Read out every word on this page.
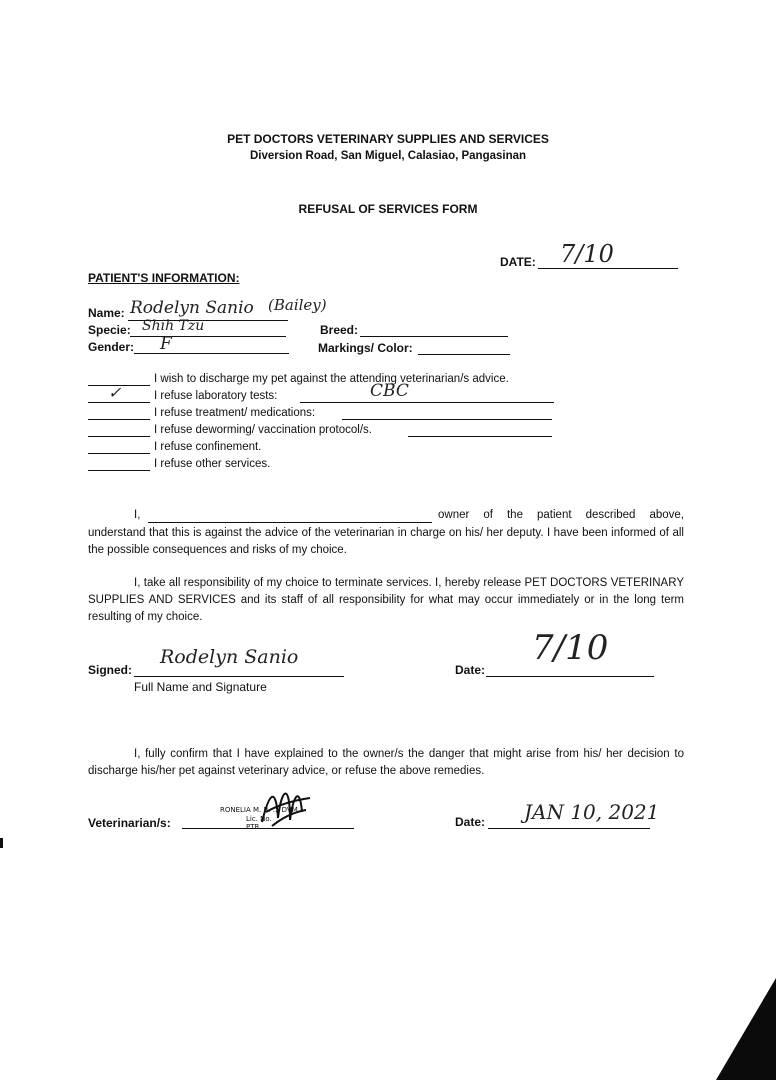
PET DOCTORS VETERINARY SUPPLIES AND SERVICES
Diversion Road, San Miguel, Calasiao, Pangasinan
REFUSAL OF SERVICES FORM
DATE: 7/10
PATIENT'S INFORMATION:
Name: Rodelyn Sanio (Bailey)
Specie: Shih Tzu
Gender: F
Breed:
Markings/ Color:
I wish to discharge my pet against the attending veterinarian/s advice.
✓	I refuse laboratory tests:	CBC
I refuse treatment/ medications:
I refuse deworming/ vaccination protocol/s.
I refuse confinement.
I refuse other services.
I,	owner of the patient described above,
understand that this is against the advice of the veterinarian in charge on his/ her deputy. I have been informed of all the possible consequences and risks of my choice.
I, take all responsibility of my choice to terminate services. I, hereby release PET DOCTORS VETERINARY SUPPLIES AND SERVICES and its staff of all responsibility for what may occur immediately or in the long term resulting of my choice.
Signed:
Rodelyn Sanio
Full Name and Signature
Date:
7/10
I, fully confirm that I have explained to the owner/s the danger that might arise from his/ her decision to discharge his/her pet against veterinary advice, or refuse the above remedies.
Veterinarian/s:
RONELIA M. B. ... DVM
Lic. No.
PTR	Date: JAN 10, 2021
